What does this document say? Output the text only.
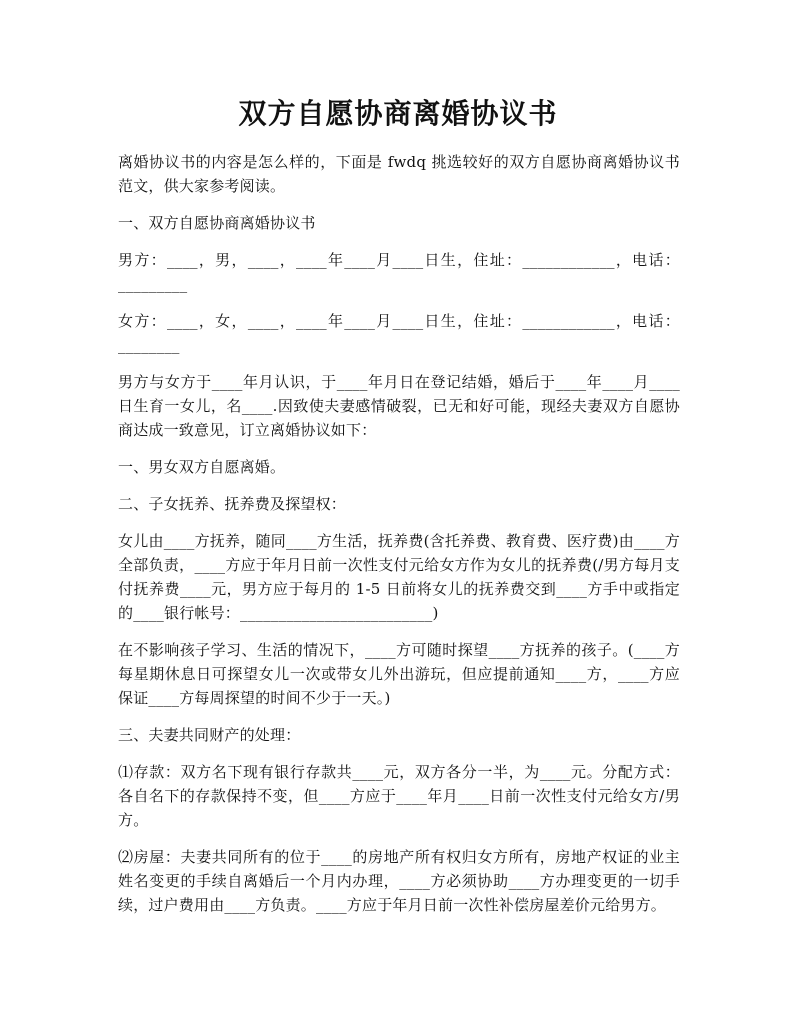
双方自愿协商离婚协议书

离婚协议书的内容是怎么样的，下面是 fwdq 挑选较好的双方自愿协商离婚协议书范文，供大家参考阅读。

一、双方自愿协商离婚协议书

男方：____，男，____，____年____月____日生，住址：____________，电话：_________

女方：____，女，____，____年____月____日生，住址：____________，电话：________

男方与女方于____年月认识，于____年月日在登记结婚，婚后于____年____月____日生育一女儿，名____.因致使夫妻感情破裂，已无和好可能，现经夫妻双方自愿协商达成一致意见，订立离婚协议如下：

一、男女双方自愿离婚。

二、子女抚养、抚养费及探望权：

女儿由____方抚养，随同____方生活，抚养费(含托养费、教育费、医疗费)由____方全部负责，____方应于年月日前一次性支付元给女方作为女儿的抚养费(/男方每月支付抚养费____元，男方应于每月的 1-5 日前将女儿的抚养费交到____方手中或指定的____银行帐号：_________________________)

在不影响孩子学习、生活的情况下，____方可随时探望____方抚养的孩子。(____方每星期休息日可探望女儿一次或带女儿外出游玩，但应提前通知____方，____方应保证____方每周探望的时间不少于一天。)

三、夫妻共同财产的处理：

⑴存款：双方名下现有银行存款共____元，双方各分一半，为____元。分配方式：各自名下的存款保持不变，但____方应于____年月____日前一次性支付元给女方/男方。

⑵房屋：夫妻共同所有的位于____的房地产所有权归女方所有，房地产权证的业主姓名变更的手续自离婚后一个月内办理，____方必须协助____方办理变更的一切手续，过户费用由____方负责。____方应于年月日前一次性补偿房屋差价元给男方。
